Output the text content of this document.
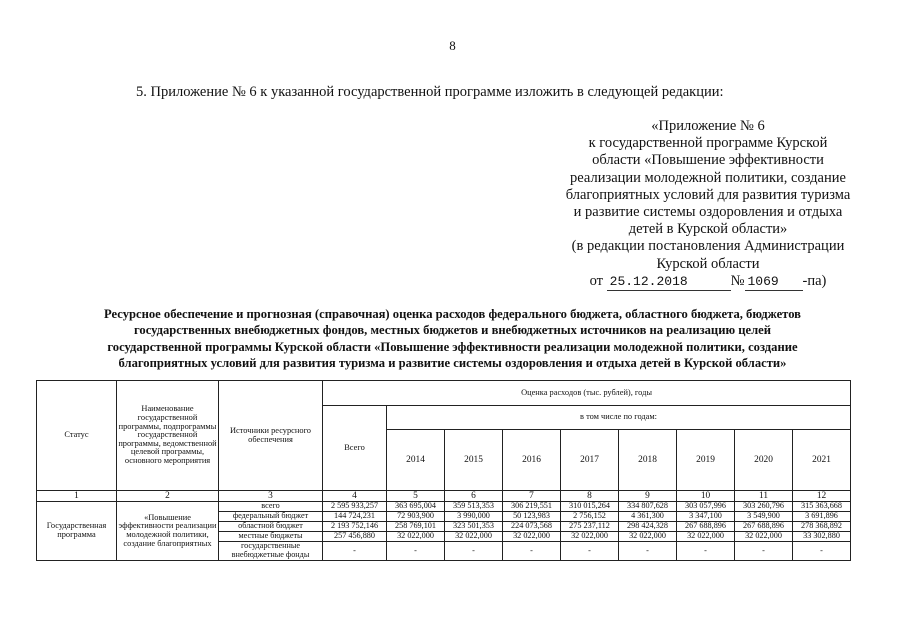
8
5. Приложение № 6 к указанной государственной программе изложить в следующей редакции:
«Приложение № 6
к государственной программе Курской
области «Повышение эффективности
реализации молодежной политики, создание
благоприятных условий для развития туризма
и развитие системы оздоровления и отдыха
детей в Курской области»
(в редакции постановления Администрации
Курской области
от 25.12.2018	№ 1069 -па)
Ресурсное обеспечение и прогнозная (справочная) оценка расходов федерального бюджета, областного бюджета, бюджетов
государственных внебюджетных фондов, местных бюджетов и внебюджетных источников на реализацию целей
государственной программы Курской области «Повышение эффективности реализации молодежной политики, создание
благоприятных условий для развития туризма и развитие системы оздоровления и отдыха детей в Курской области»
Статус	Наименование государственной программы, подпрограммы государственной программы, ведомственной целевой программы, основного мероприятия	Источники ресурсного обеспечения	Оценка расходов (тыс. рублей), годы								
			Всего	в том числе по годам:							
				2014	2015	2016	2017	2018	2019	2020	2021
1	2	3	4	5	6	7	8	9	10	11	12
Государственная программа	«Повышение эффективности реализации молодежной политики, создание благоприятных	всего	2 595 933,257	363 695,004	359 513,353	306 219,551	310 015,264	334 807,628	303 057,996	303 260,796	315 363,668
		федеральный бюджет	144 724,231	72 903,900	3 990,000	50 123,983	2 756,152	4 361,300	3 347,100	3 549,900	3 691,896
		областной бюджет	2 193 752,146	258 769,101	323 501,353	224 073,568	275 237,112	298 424,328	267 688,896	267 688,896	278 368,892
		местные бюджеты	257 456,880	32 022,000	32 022,000	32 022,000	32 022,000	32 022,000	32 022,000	32 022,000	33 302,880
		государственные внебюджетные фонды	-	-	-	-	-	-	-	-	-
